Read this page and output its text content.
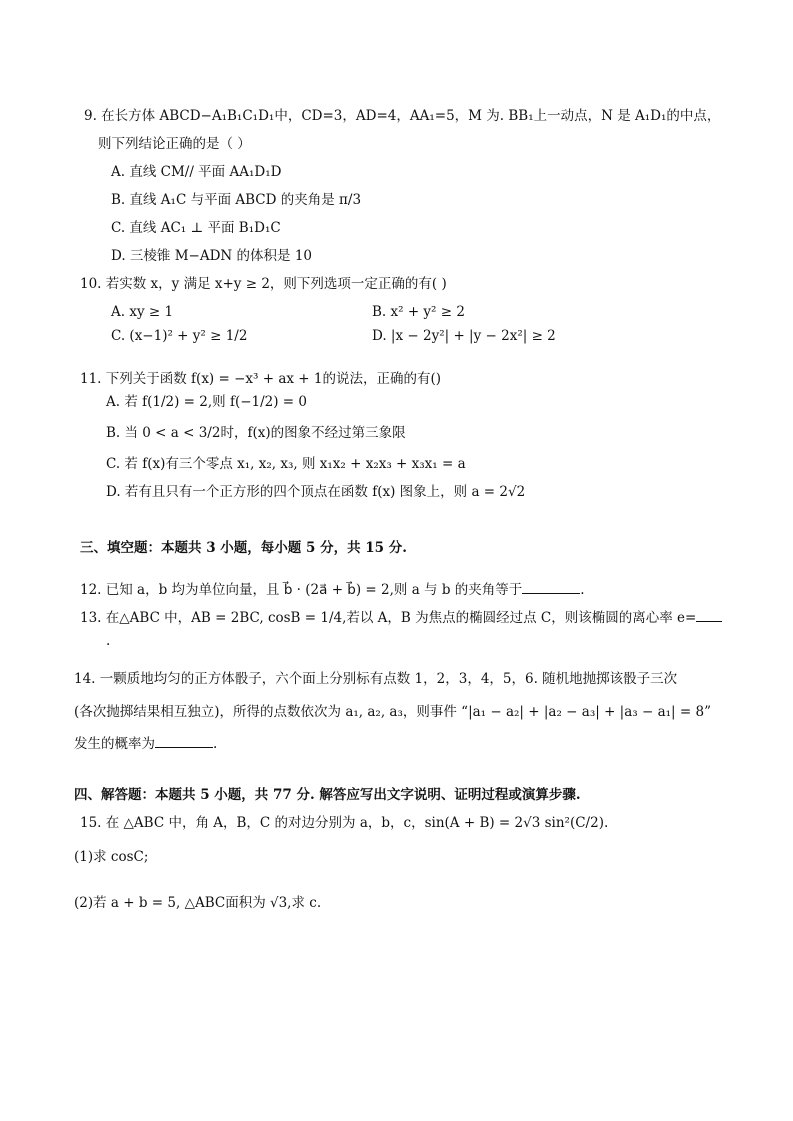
9. 在长方体 ABCD−A₁B₁C₁D₁中，CD=3，AD=4，AA₁=5，M 为. BB₁上一动点，N 是 A₁D₁的中点，
则下列结论正确的是（ ）
A. 直线 CM// 平面 AA₁D₁D
B. 直线 A₁C 与平面 ABCD 的夹角是 π/3
C. 直线 AC₁ ⊥ 平面 B₁D₁C
D. 三棱锥 M−ADN 的体积是 10
10. 若实数 x，y 满足 x+y ≥ 2，则下列选项一定正确的有( )
A. xy ≥ 1	B. x² + y² ≥ 2
C. (x−1)² + y² ≥ 1/2	D. |x − 2y²| + |y − 2x²| ≥ 2
11. 下列关于函数 f(x) = −x³ + ax + 1的说法，正确的有()
A. 若 f(1/2) = 2,则 f(−1/2) = 0
B. 当 0 < a < 3/2时，f(x)的图象不经过第三象限
C. 若 f(x)有三个零点 x₁, x₂, x₃, 则 x₁x₂ + x₂x₃ + x₃x₁ = a
D. 若有且只有一个正方形的四个顶点在函数 f(x) 图象上，则 a = 2√2
三、填空题：本题共 3 小题，每小题 5 分，共 15 分.
12. 已知 a，b 均为单位向量，且 b⃗ · (2a⃗ + b⃗) = 2,则 a 与 b 的夹角等于	.
13. 在△ABC 中，AB = 2BC, cosB = 1/4,若以 A，B 为焦点的椭圆经过点 C，则该椭圆的离心率 e=
.
14. 一颗质地均匀的正方体骰子，六个面上分别标有点数 1，2，3，4，5，6. 随机地抛掷该骰子三次
(各次抛掷结果相互独立)，所得的点数依次为 a₁, a₂, a₃，则事件 “|a₁ − a₂| + |a₂ − a₃| + |a₃ − a₁| = 8”
发生的概率为	.
四、解答题：本题共 5 小题，共 77 分. 解答应写出文字说明、证明过程或演算步骤.
15. 在 △ABC 中，角 A，B，C 的对边分别为 a，b，c，sin(A + B) = 2√3 sin²(C/2).
(1)求 cosC;
(2)若 a + b = 5, △ABC面积为 √3,求 c.
